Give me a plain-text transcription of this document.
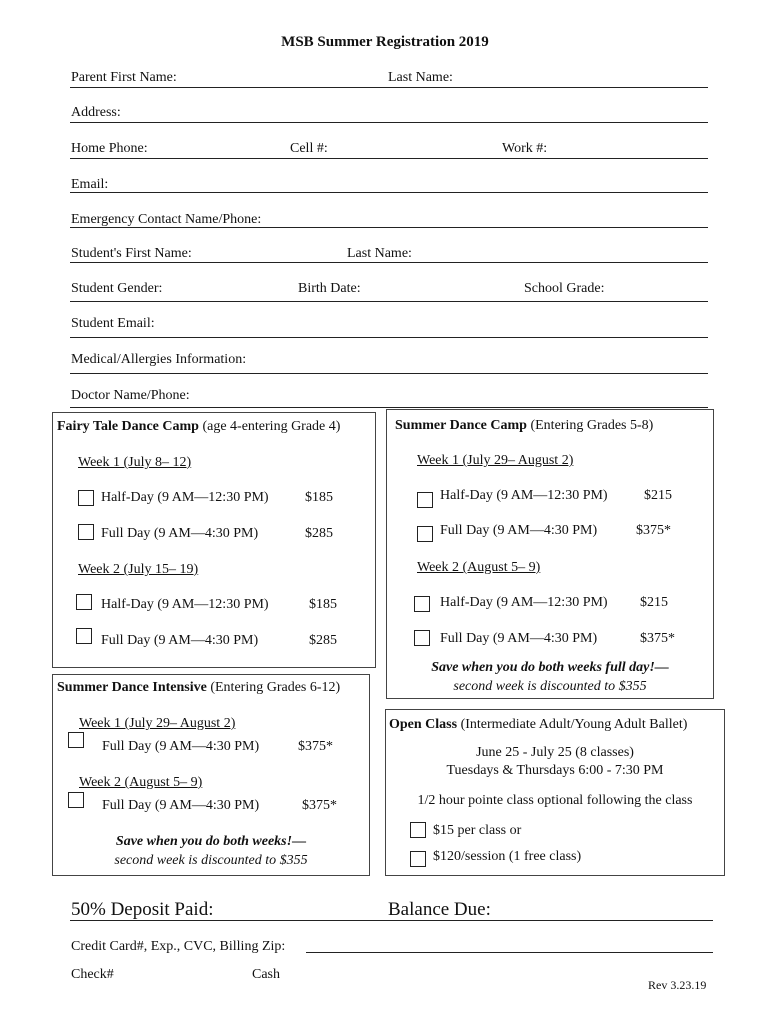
MSB Summer Registration 2019
Parent First Name:	Last Name:
Address:
Home Phone:	Cell #:	Work #:
Email:
Emergency Contact Name/Phone:
Student's First Name:	Last Name:
Student Gender:	Birth Date:	School Grade:
Student Email:
Medical/Allergies Information:
Doctor Name/Phone:
Fairy Tale Dance Camp (age 4-entering Grade 4)
Week 1 (July 8– 12)
Half-Day (9 AM—12:30 PM)	$185
Full Day (9 AM—4:30 PM)	$285
Week 2 (July 15– 19)
Half-Day (9 AM—12:30 PM)	$185
Full Day (9 AM—4:30 PM)	$285
Summer Dance Camp (Entering Grades 5-8)
Week 1 (July 29– August 2)
Half-Day (9 AM—12:30 PM)	$215
Full Day (9 AM—4:30 PM)	$375*
Week 2 (August 5– 9)
Half-Day (9 AM—12:30 PM) $215
Full Day (9 AM—4:30 PM)	$375*
Save when you do both weeks full day!—
second week is discounted to $355
Summer Dance Intensive (Entering Grades 6-12)
Week 1 (July 29– August 2)
Full Day (9 AM—4:30 PM)	$375*
Week 2 (August 5– 9)
Full Day (9 AM—4:30 PM)	$375*
Save when you do both weeks!—
second week is discounted to $355
Open Class (Intermediate Adult/Young Adult Ballet)
June 25 - July 25 (8 classes)
Tuesdays & Thursdays 6:00 - 7:30 PM
1/2 hour pointe class optional following the class
$15 per class or
$120/session (1 free class)
50% Deposit Paid:	Balance Due:
Credit Card#, Exp., CVC, Billing Zip:
Check#	Cash
Rev 3.23.19
